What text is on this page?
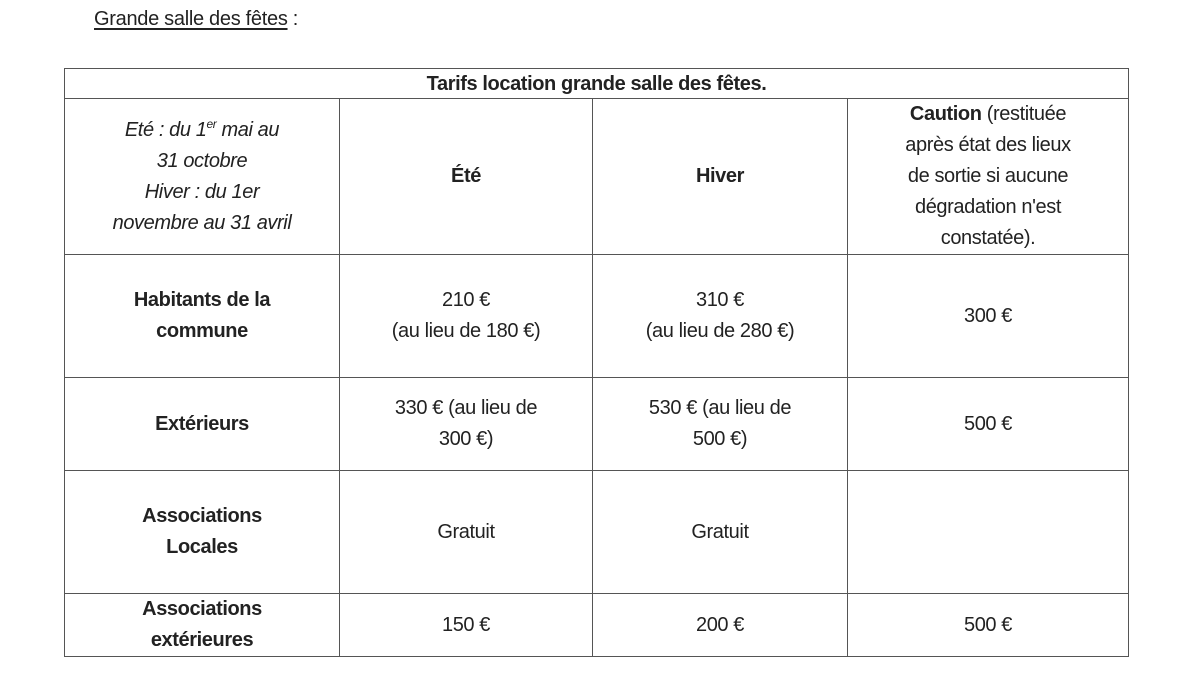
Grande salle des fêtes :
Tarifs location grande salle des fêtes.			

Eté : du 1er mai au
31 octobre
Hiver : du 1er
novembre au 31 avril	Été	Hiver	Caution (restituée
après état des lieux
de sortie si aucune
dégradation n'est
constatée).

Habitants de la
commune	210 €
(au lieu de 180 €)	310 €
(au lieu de 280 €)	300 €
Extérieurs	330 € (au lieu de
300 €)	530 € (au lieu de
500 €)	500 €

Associations
Locales	Gratuit	Gratuit	

Associations
extérieures	150 €	200 €	500 €
